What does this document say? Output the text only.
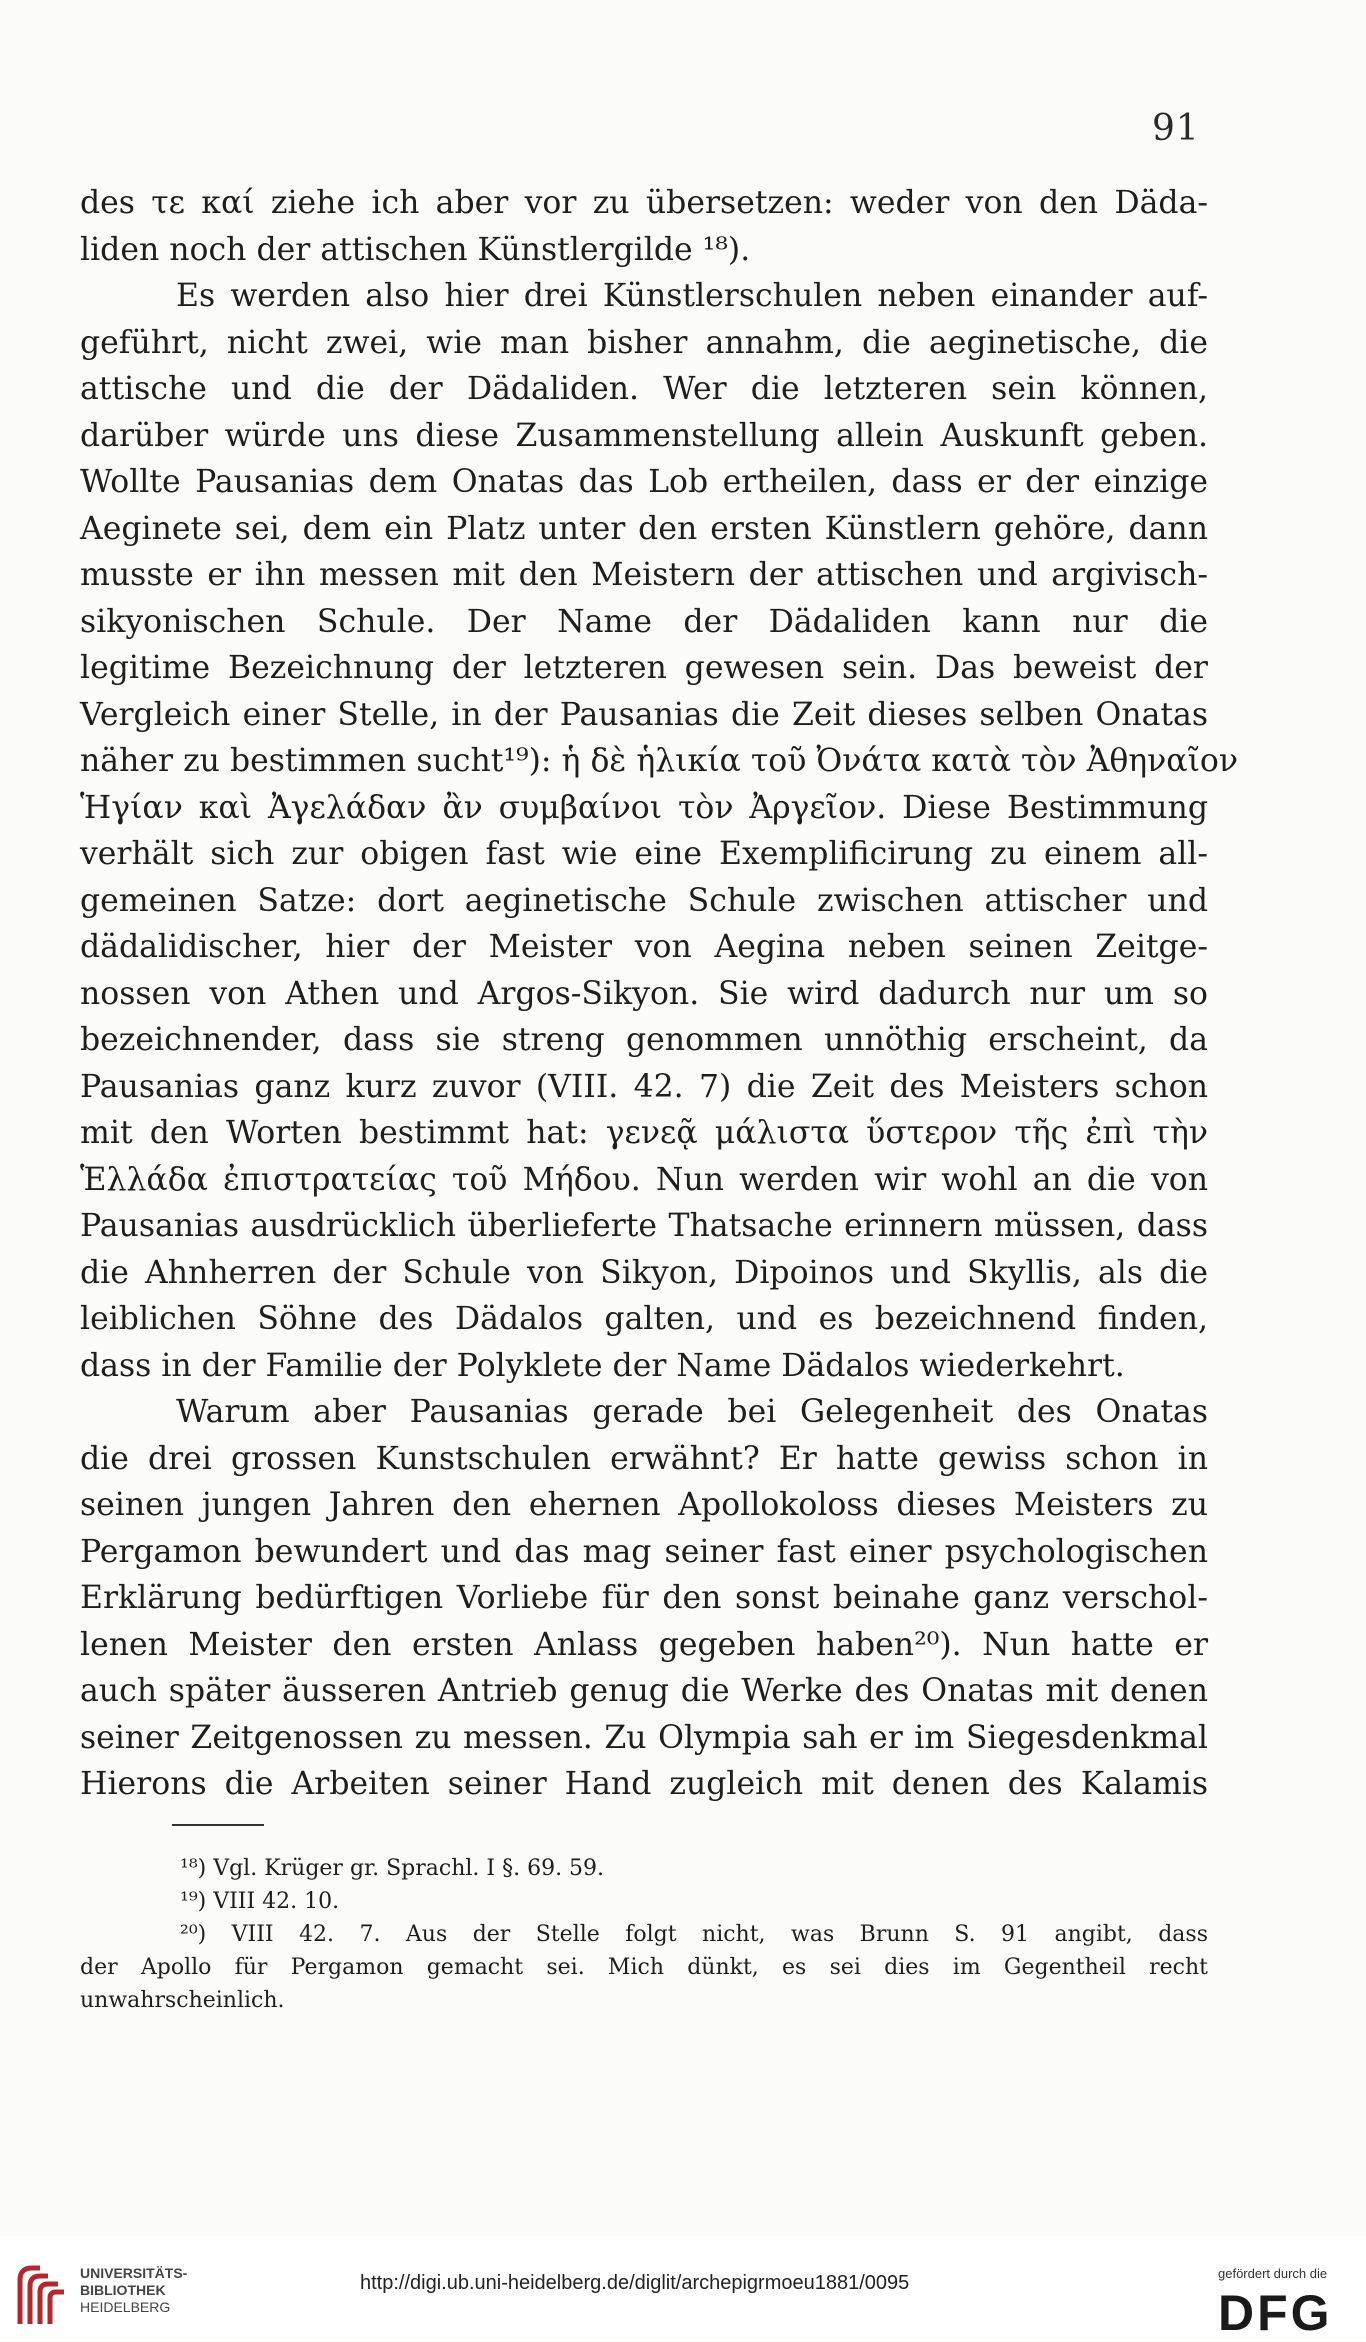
91
des τε καί ziehe ich aber vor zu übersetzen: weder von den Däda-
liden noch der attischen Künstlergilde ¹⁸).
Es werden also hier drei Künstlerschulen neben einander auf-
geführt, nicht zwei, wie man bisher annahm, die aeginetische, die
attische und die der Dädaliden. Wer die letzteren sein können,
darüber würde uns diese Zusammenstellung allein Auskunft geben.
Wollte Pausanias dem Onatas das Lob ertheilen, dass er der einzige
Aeginete sei, dem ein Platz unter den ersten Künstlern gehöre, dann
musste er ihn messen mit den Meistern der attischen und argivisch-
sikyonischen Schule. Der Name der Dädaliden kann nur die
legitime Bezeichnung der letzteren gewesen sein. Das beweist der
Vergleich einer Stelle, in der Pausanias die Zeit dieses selben Onatas
näher zu bestimmen sucht¹⁹): ἡ δὲ ἡλικία τοῦ Ὀνάτα κατὰ τὸν Ἀθηναῖον
Ἡγίαν καὶ Ἀγελάδαν ἂν συμβαίνοι τὸν Ἀργεῖον. Diese Bestimmung
verhält sich zur obigen fast wie eine Exemplificirung zu einem all-
gemeinen Satze: dort aeginetische Schule zwischen attischer und
dädalidischer, hier der Meister von Aegina neben seinen Zeitge-
nossen von Athen und Argos-Sikyon. Sie wird dadurch nur um so
bezeichnender, dass sie streng genommen unnöthig erscheint, da
Pausanias ganz kurz zuvor (VIII. 42. 7) die Zeit des Meisters schon
mit den Worten bestimmt hat: γενεᾷ μάλιστα ὕστερον τῆς ἐπὶ τὴν
Ἑλλάδα ἐπιστρατείας τοῦ Μήδου. Nun werden wir wohl an die von
Pausanias ausdrücklich überlieferte Thatsache erinnern müssen, dass
die Ahnherren der Schule von Sikyon, Dipoinos und Skyllis, als die
leiblichen Söhne des Dädalos galten, und es bezeichnend finden,
dass in der Familie der Polyklete der Name Dädalos wiederkehrt.
Warum aber Pausanias gerade bei Gelegenheit des Onatas
die drei grossen Kunstschulen erwähnt? Er hatte gewiss schon in
seinen jungen Jahren den ehernen Apollokoloss dieses Meisters zu
Pergamon bewundert und das mag seiner fast einer psychologischen
Erklärung bedürftigen Vorliebe für den sonst beinahe ganz verschol-
lenen Meister den ersten Anlass gegeben haben²⁰). Nun hatte er
auch später äusseren Antrieb genug die Werke des Onatas mit denen
seiner Zeitgenossen zu messen. Zu Olympia sah er im Siegesdenkmal
Hierons die Arbeiten seiner Hand zugleich mit denen des Kalamis
¹⁸) Vgl. Krüger gr. Sprachl. I §. 69. 59.
¹⁹) VIII 42. 10.
²⁰) VIII 42. 7. Aus der Stelle folgt nicht, was Brunn S. 91 angibt, dass
der Apollo für Pergamon gemacht sei. Mich dünkt, es sei dies im Gegentheil recht
unwahrscheinlich.
UNIVERSITÄTS-
BIBLIOTHEK
HEIDELBERG
http://digi.ub.uni-heidelberg.de/diglit/archepigrmoeu1881/0095	gefördert durch die
DFG
